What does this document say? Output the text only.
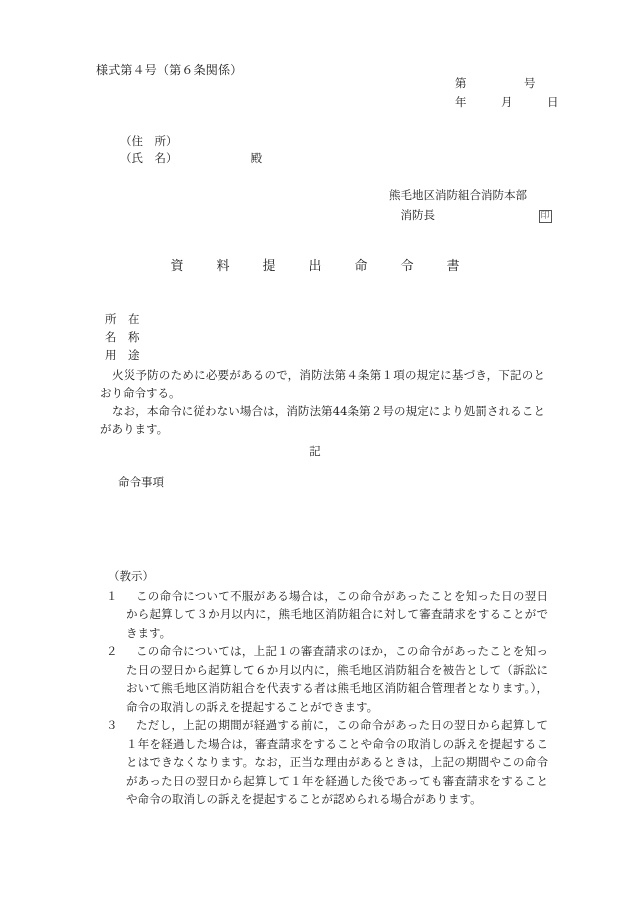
様式第４号（第６条関係）
第　　　　　号
年　　　月　　　日
（住　所）
（氏　名）	殿
熊毛地区消防組合消防本部
　消防長　　　　　　　　　	印
資　料　提　出　命　令　書
所　在
名　称
用　途

火災予防のために必要があるので，消防法第４条第１項の規定に基づき，下記のとおり命令する。

なお，本命令に従わない場合は，消防法第44条第２号の規定により処罰されることがあります。

記
命令事項
（教示）
１	この命令について不服がある場合は，この命令があったことを知った日の翌日から起算して３か月以内に，熊毛地区消防組合に対して審査請求をすることができます。
２	この命令については，上記１の審査請求のほか，この命令があったことを知った日の翌日から起算して６か月以内に，熊毛地区消防組合を被告として（訴訟において熊毛地区消防組合を代表する者は熊毛地区消防組合管理者となります。），命令の取消しの訴えを提起することができます。
３	ただし，上記の期間が経過する前に，この命令があった日の翌日から起算して１年を経過した場合は，審査請求をすることや命令の取消しの訴えを提起することはできなくなります。なお，正当な理由があるときは，上記の期間やこの命令があった日の翌日から起算して１年を経過した後であっても審査請求をすることや命令の取消しの訴えを提起することが認められる場合があります。
